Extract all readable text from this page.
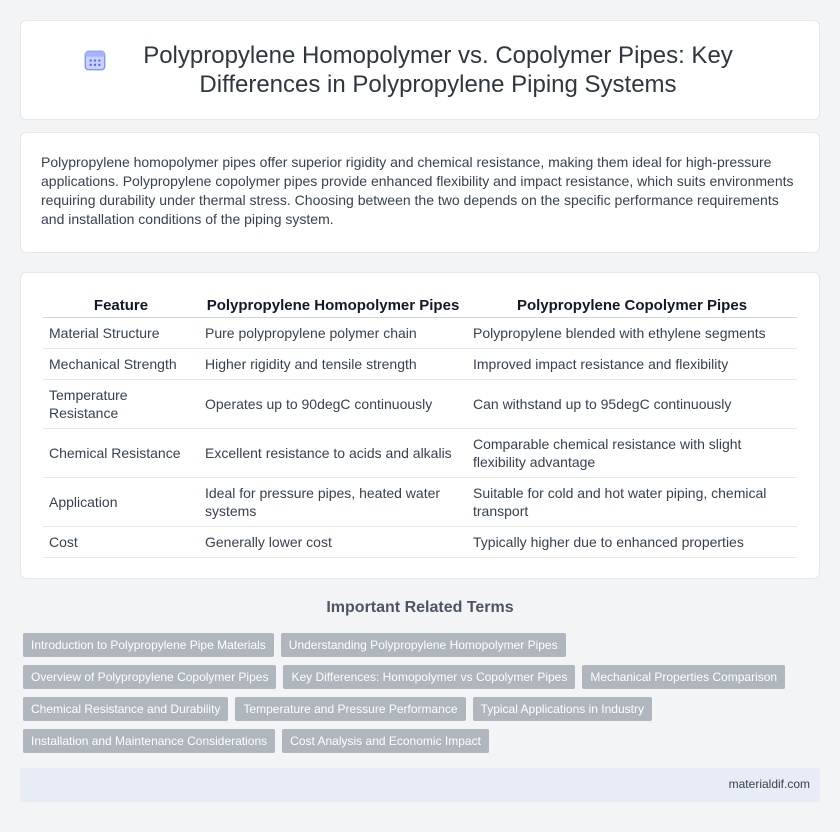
Polypropylene Homopolymer vs. Copolymer Pipes: Key Differences in Polypropylene Piping Systems

Polypropylene homopolymer pipes offer superior rigidity and chemical resistance, making them ideal for high-pressure applications. Polypropylene copolymer pipes provide enhanced flexibility and impact resistance, which suits environments requiring durability under thermal stress. Choosing between the two depends on the specific performance requirements and installation conditions of the piping system.

Feature	Polypropylene Homopolymer Pipes	Polypropylene Copolymer Pipes
Material Structure	Pure polypropylene polymer chain	Polypropylene blended with ethylene segments
Mechanical Strength	Higher rigidity and tensile strength	Improved impact resistance and flexibility
Temperature Resistance	Operates up to 90degC continuously	Can withstand up to 95degC continuously
Chemical Resistance	Excellent resistance to acids and alkalis	Comparable chemical resistance with slight flexibility advantage
Application	Ideal for pressure pipes, heated water systems	Suitable for cold and hot water piping, chemical transport
Cost	Generally lower cost	Typically higher due to enhanced properties
Important Related Terms
Introduction to Polypropylene Pipe Materials	Understanding Polypropylene Homopolymer Pipes
Overview of Polypropylene Copolymer Pipes	Key Differences: Homopolymer vs Copolymer Pipes	Mechanical Properties Comparison
Chemical Resistance and Durability	Temperature and Pressure Performance	Typical Applications in Industry
Installation and Maintenance Considerations	Cost Analysis and Economic Impact
materialdif.com
